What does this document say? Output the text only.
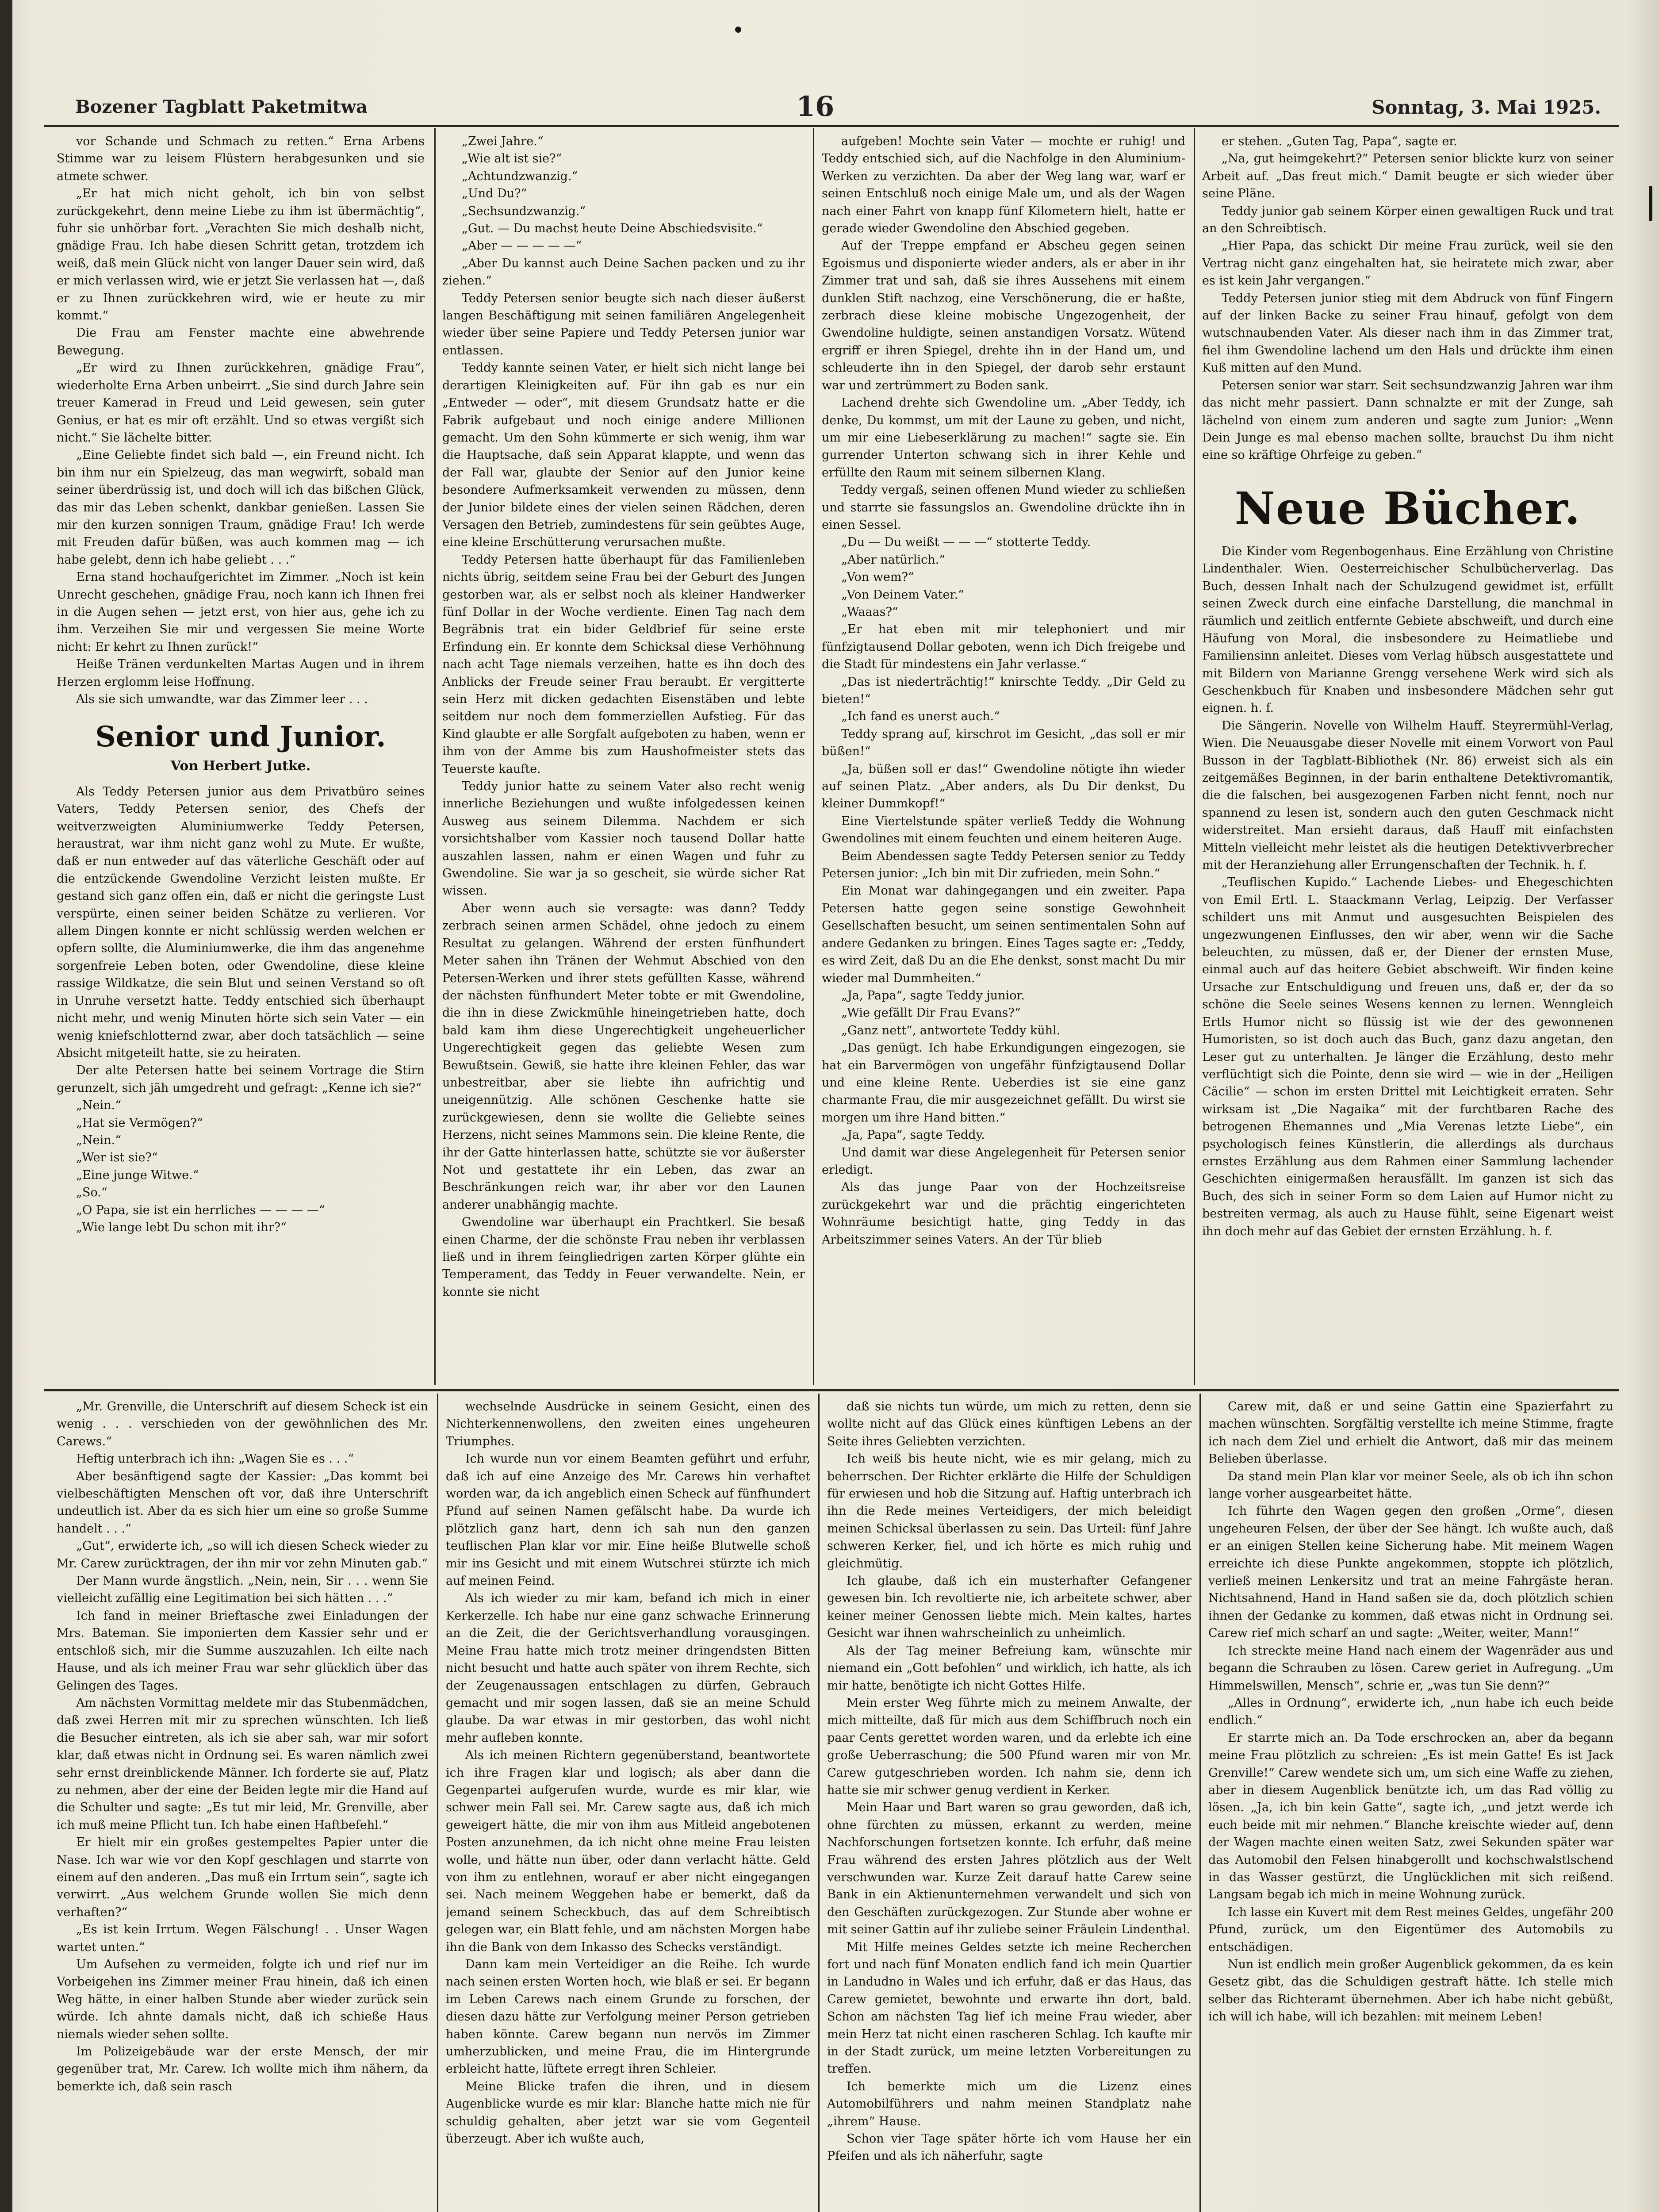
Bozener Tagblatt Paketmitwa	16	Sonntag, 3. Mai 1925.

vor Schande und Schmach zu retten.“ Erna Arbens Stimme war zu leisem Flüstern herabgesunken und sie atmete schwer.

„Er hat mich nicht geholt, ich bin von selbst zurückgekehrt, denn meine Liebe zu ihm ist übermächtig“, fuhr sie unhörbar fort. „Verachten Sie mich deshalb nicht, gnädige Frau. Ich habe diesen Schritt getan, trotzdem ich weiß, daß mein Glück nicht von langer Dauer sein wird, daß er mich verlassen wird, wie er jetzt Sie verlassen hat —, daß er zu Ihnen zurückkehren wird, wie er heute zu mir kommt.“

Die Frau am Fenster machte eine abwehrende Bewegung.

„Er wird zu Ihnen zurückkehren, gnädige Frau“, wiederholte Erna Arben unbeirrt. „Sie sind durch Jahre sein treuer Kamerad in Freud und Leid gewesen, sein guter Genius, er hat es mir oft erzählt. Und so etwas vergißt sich nicht.“ Sie lächelte bitter.

„Eine Geliebte findet sich bald —, ein Freund nicht. Ich bin ihm nur ein Spielzeug, das man wegwirft, sobald man seiner überdrüssig ist, und doch will ich das bißchen Glück, das mir das Leben schenkt, dankbar genießen. Lassen Sie mir den kurzen sonnigen Traum, gnädige Frau! Ich werde mit Freuden dafür büßen, was auch kommen mag — ich habe gelebt, denn ich habe geliebt . . .“

Erna stand hochaufgerichtet im Zimmer. „Noch ist kein Unrecht geschehen, gnädige Frau, noch kann ich Ihnen frei in die Augen sehen — jetzt erst, von hier aus, gehe ich zu ihm. Verzeihen Sie mir und vergessen Sie meine Worte nicht: Er kehrt zu Ihnen zurück!“

Heiße Tränen verdunkelten Martas Augen und in ihrem Herzen erglomm leise Hoffnung.

Als sie sich umwandte, war das Zimmer leer . . .

Senior und Junior.
Von Herbert Jutke.

Als Teddy Petersen junior aus dem Privatbüro seines Vaters, Teddy Petersen senior, des Chefs der weitverzweigten Aluminiumwerke Teddy Petersen, heraustrat, war ihm nicht ganz wohl zu Mute. Er wußte, daß er nun entweder auf das väterliche Geschäft oder auf die entzückende Gwendoline Verzicht leisten mußte. Er gestand sich ganz offen ein, daß er nicht die geringste Lust verspürte, einen seiner beiden Schätze zu verlieren. Vor allem Dingen konnte er nicht schlüssig werden welchen er opfern sollte, die Aluminiumwerke, die ihm das angenehme sorgenfreie Leben boten, oder Gwendoline, diese kleine rassige Wildkatze, die sein Blut und seinen Verstand so oft in Unruhe versetzt hatte. Teddy entschied sich überhaupt nicht mehr, und wenig Minuten hörte sich sein Vater — ein wenig kniefschlotternd zwar, aber doch tatsächlich — seine Absicht mitgeteilt hatte, sie zu heiraten.

Der alte Petersen hatte bei seinem Vortrage die Stirn gerunzelt, sich jäh umgedreht und gefragt: „Kenne ich sie?“

„Nein.“

„Hat sie Vermögen?“

„Nein.“

„Wer ist sie?“

„Eine junge Witwe.“

„So.“

„O Papa, sie ist ein herrliches — — — —“

„Wie lange lebt Du schon mit ihr?“

„Zwei Jahre.“

„Wie alt ist sie?“

„Achtundzwanzig.“

„Und Du?“

„Sechsundzwanzig.“

„Gut. — Du machst heute Deine Abschiedsvisite.“

„Aber — — — — —“

„Aber Du kannst auch Deine Sachen packen und zu ihr ziehen.“

Teddy Petersen senior beugte sich nach dieser äußerst langen Beschäftigung mit seinen familiären Angelegenheit wieder über seine Papiere und Teddy Petersen junior war entlassen.

Teddy kannte seinen Vater, er hielt sich nicht lange bei derartigen Kleinigkeiten auf. Für ihn gab es nur ein „Entweder — oder“, mit diesem Grundsatz hatte er die Fabrik aufgebaut und noch einige andere Millionen gemacht. Um den Sohn kümmerte er sich wenig, ihm war die Hauptsache, daß sein Apparat klappte, und wenn das der Fall war, glaubte der Senior auf den Junior keine besondere Aufmerksamkeit verwenden zu müssen, denn der Junior bildete eines der vielen seinen Rädchen, deren Versagen den Betrieb, zumindestens für sein geübtes Auge, eine kleine Erschütterung verursachen mußte.

Teddy Petersen hatte überhaupt für das Familienleben nichts übrig, seitdem seine Frau bei der Geburt des Jungen gestorben war, als er selbst noch als kleiner Handwerker fünf Dollar in der Woche verdiente. Einen Tag nach dem Begräbnis trat ein bider Geldbrief für seine erste Erfindung ein. Er konnte dem Schicksal diese Verhöhnung nach acht Tage niemals verzeihen, hatte es ihn doch des Anblicks der Freude seiner Frau beraubt. Er vergitterte sein Herz mit dicken gedachten Eisenstäben und lebte seitdem nur noch dem fommerziellen Aufstieg. Für das Kind glaubte er alle Sorgfalt aufgeboten zu haben, wenn er ihm von der Amme bis zum Haushofmeister stets das Teuerste kaufte.

Teddy junior hatte zu seinem Vater also recht wenig innerliche Beziehungen und wußte infolgedessen keinen Ausweg aus seinem Dilemma. Nachdem er sich vorsichtshalber vom Kassier noch tausend Dollar hatte auszahlen lassen, nahm er einen Wagen und fuhr zu Gwendoline. Sie war ja so gescheit, sie würde sicher Rat wissen.

Aber wenn auch sie versagte: was dann? Teddy zerbrach seinen armen Schädel, ohne jedoch zu einem Resultat zu gelangen. Während der ersten fünfhundert Meter sahen ihn Tränen der Wehmut Abschied von den Petersen-Werken und ihrer stets gefüllten Kasse, während der nächsten fünfhundert Meter tobte er mit Gwendoline, die ihn in diese Zwickmühle hineingetrieben hatte, doch bald kam ihm diese Ungerechtigkeit ungeheuerlicher Ungerechtigkeit gegen das geliebte Wesen zum Bewußtsein. Gewiß, sie hatte ihre kleinen Fehler, das war unbestreitbar, aber sie liebte ihn aufrichtig und uneigennützig. Alle schönen Geschenke hatte sie zurückgewiesen, denn sie wollte die Geliebte seines Herzens, nicht seines Mammons sein. Die kleine Rente, die ihr der Gatte hinterlassen hatte, schützte sie vor äußerster Not und gestattete ihr ein Leben, das zwar an Beschränkungen reich war, ihr aber vor den Launen anderer unabhängig machte.

Gwendoline war überhaupt ein Prachtkerl. Sie besaß einen Charme, der die schönste Frau neben ihr verblassen ließ und in ihrem feingliedrigen zarten Körper glühte ein Temperament, das Teddy in Feuer verwandelte. Nein, er konnte sie nicht

aufgeben! Mochte sein Vater — mochte er ruhig! und Teddy entschied sich, auf die Nachfolge in den Aluminium-Werken zu verzichten. Da aber der Weg lang war, warf er seinen Entschluß noch einige Male um, und als der Wagen nach einer Fahrt von knapp fünf Kilometern hielt, hatte er gerade wieder Gwendoline den Abschied gegeben.

Auf der Treppe empfand er Abscheu gegen seinen Egoismus und disponierte wieder anders, als er aber in ihr Zimmer trat und sah, daß sie ihres Aussehens mit einem dunklen Stift nachzog, eine Verschönerung, die er haßte, zerbrach diese kleine mobische Ungezogenheit, der Gwendoline huldigte, seinen anstandigen Vorsatz. Wütend ergriff er ihren Spiegel, drehte ihn in der Hand um, und schleuderte ihn in den Spiegel, der darob sehr erstaunt war und zertrümmert zu Boden sank.

Lachend drehte sich Gwendoline um. „Aber Teddy, ich denke, Du kommst, um mit der Laune zu geben, und nicht, um mir eine Liebeserklärung zu machen!“ sagte sie. Ein gurrender Unterton schwang sich in ihrer Kehle und erfüllte den Raum mit seinem silbernen Klang.

Teddy vergaß, seinen offenen Mund wieder zu schließen und starrte sie fassungslos an. Gwendoline drückte ihn in einen Sessel.

„Du — Du weißt — — —“ stotterte Teddy.

„Aber natürlich.“

„Von wem?“

„Von Deinem Vater.“

„Waaas?“

„Er hat eben mit mir telephoniert und mir fünfzigtausend Dollar geboten, wenn ich Dich freigebe und die Stadt für mindestens ein Jahr verlasse.“

„Das ist niederträchtig!“ knirschte Teddy. „Dir Geld zu bieten!“

„Ich fand es unerst auch.“

Teddy sprang auf, kirschrot im Gesicht, „das soll er mir büßen!“

„Ja, büßen soll er das!“ Gwendoline nötigte ihn wieder auf seinen Platz. „Aber anders, als Du Dir denkst, Du kleiner Dummkopf!“

Eine Viertelstunde später verließ Teddy die Wohnung Gwendolines mit einem feuchten und einem heiteren Auge.

Beim Abendessen sagte Teddy Petersen senior zu Teddy Petersen junior: „Ich bin mit Dir zufrieden, mein Sohn.“

Ein Monat war dahingegangen und ein zweiter. Papa Petersen hatte gegen seine sonstige Gewohnheit Gesellschaften besucht, um seinen sentimentalen Sohn auf andere Gedanken zu bringen. Eines Tages sagte er: „Teddy, es wird Zeit, daß Du an die Ehe denkst, sonst macht Du mir wieder mal Dummheiten.“

„Ja, Papa“, sagte Teddy junior.

„Wie gefällt Dir Frau Evans?“

„Ganz nett“, antwortete Teddy kühl.

„Das genügt. Ich habe Erkundigungen eingezogen, sie hat ein Barvermögen von ungefähr fünfzigtausend Dollar und eine kleine Rente. Ueberdies ist sie eine ganz charmante Frau, die mir ausgezeichnet gefällt. Du wirst sie morgen um ihre Hand bitten.“

„Ja, Papa“, sagte Teddy.

Und damit war diese Angelegenheit für Petersen senior erledigt.

Als das junge Paar von der Hochzeitsreise zurückgekehrt war und die prächtig eingerichteten Wohnräume besichtigt hatte, ging Teddy in das Arbeitszimmer seines Vaters. An der Tür blieb

er stehen. „Guten Tag, Papa“, sagte er.

„Na, gut heimgekehrt?“ Petersen senior blickte kurz von seiner Arbeit auf. „Das freut mich.“ Damit beugte er sich wieder über seine Pläne.

Teddy junior gab seinem Körper einen gewaltigen Ruck und trat an den Schreibtisch.

„Hier Papa, das schickt Dir meine Frau zurück, weil sie den Vertrag nicht ganz eingehalten hat, sie heiratete mich zwar, aber es ist kein Jahr vergangen.“

Teddy Petersen junior stieg mit dem Abdruck von fünf Fingern auf der linken Backe zu seiner Frau hinauf, gefolgt von dem wutschnaubenden Vater. Als dieser nach ihm in das Zimmer trat, fiel ihm Gwendoline lachend um den Hals und drückte ihm einen Kuß mitten auf den Mund.

Petersen senior war starr. Seit sechsundzwanzig Jahren war ihm das nicht mehr passiert. Dann schnalzte er mit der Zunge, sah lächelnd von einem zum anderen und sagte zum Junior: „Wenn Dein Junge es mal ebenso machen sollte, brauchst Du ihm nicht eine so kräftige Ohrfeige zu geben.“

Neue Bücher.

Die Kinder vom Regenbogenhaus. Eine Erzählung von Christine Lindenthaler. Wien. Oesterreichischer Schulbücherverlag. Das Buch, dessen Inhalt nach der Schulzugend gewidmet ist, erfüllt seinen Zweck durch eine einfache Darstellung, die manchmal in räumlich und zeitlich entfernte Gebiete abschweift, und durch eine Häufung von Moral, die insbesondere zu Heimatliebe und Familiensinn anleitet. Dieses vom Verlag hübsch ausgestattete und mit Bildern von Marianne Grengg versehene Werk wird sich als Geschenkbuch für Knaben und insbesondere Mädchen sehr gut eignen. h. f.

Die Sängerin. Novelle von Wilhelm Hauff. Steyrermühl-Verlag, Wien. Die Neuausgabe dieser Novelle mit einem Vorwort von Paul Busson in der Tagblatt-Bibliothek (Nr. 86) erweist sich als ein zeitgemäßes Beginnen, in der barin enthaltene Detektivromantik, die die falschen, bei ausgezogenen Farben nicht fennt, noch nur spannend zu lesen ist, sondern auch den guten Geschmack nicht widerstreitet. Man ersieht daraus, daß Hauff mit einfachsten Mitteln vielleicht mehr leistet als die heutigen Detektivverbrecher mit der Heranziehung aller Errungenschaften der Technik. h. f.

„Teuflischen Kupido.“ Lachende Liebes- und Ehegeschichten von Emil Ertl. L. Staackmann Verlag, Leipzig. Der Verfasser schildert uns mit Anmut und ausgesuchten Beispielen des ungezwungenen Einflusses, den wir aber, wenn wir die Sache beleuchten, zu müssen, daß er, der Diener der ernsten Muse, einmal auch auf das heitere Gebiet abschweift. Wir finden keine Ursache zur Entschuldigung und freuen uns, daß er, der da so schöne die Seele seines Wesens kennen zu lernen. Wenngleich Ertls Humor nicht so flüssig ist wie der des gewonnenen Humoristen, so ist doch auch das Buch, ganz dazu angetan, den Leser gut zu unterhalten. Je länger die Erzählung, desto mehr verflüchtigt sich die Pointe, denn sie wird — wie in der „Heiligen Cäcilie“ — schon im ersten Drittel mit Leichtigkeit erraten. Sehr wirksam ist „Die Nagaika“ mit der furchtbaren Rache des betrogenen Ehemannes und „Mia Verenas letzte Liebe“, ein psychologisch feines Künstlerin, die allerdings als durchaus ernstes Erzählung aus dem Rahmen einer Sammlung lachender Geschichten einigermaßen herausfällt. Im ganzen ist sich das Buch, des sich in seiner Form so dem Laien auf Humor nicht zu bestreiten vermag, als auch zu Hause fühlt, seine Eigenart weist ihn doch mehr auf das Gebiet der ernsten Erzählung. h. f.

„Mr. Grenville, die Unterschrift auf diesem Scheck ist ein wenig . . . verschieden von der gewöhnlichen des Mr. Carews.“

Heftig unterbrach ich ihn: „Wagen Sie es . . .“

Aber besänftigend sagte der Kassier: „Das kommt bei vielbeschäftigten Menschen oft vor, daß ihre Unterschrift undeutlich ist. Aber da es sich hier um eine so große Summe handelt . . .“

„Gut“, erwiderte ich, „so will ich diesen Scheck wieder zu Mr. Carew zurücktragen, der ihn mir vor zehn Minuten gab.“

Der Mann wurde ängstlich. „Nein, nein, Sir . . . wenn Sie vielleicht zufällig eine Legitimation bei sich hätten . . .“

Ich fand in meiner Brieftasche zwei Einladungen der Mrs. Bateman. Sie imponierten dem Kassier sehr und er entschloß sich, mir die Summe auszuzahlen. Ich eilte nach Hause, und als ich meiner Frau war sehr glücklich über das Gelingen des Tages.

Am nächsten Vormittag meldete mir das Stubenmädchen, daß zwei Herren mit mir zu sprechen wünschten. Ich ließ die Besucher eintreten, als ich sie aber sah, war mir sofort klar, daß etwas nicht in Ordnung sei. Es waren nämlich zwei sehr ernst dreinblickende Männer. Ich forderte sie auf, Platz zu nehmen, aber der eine der Beiden legte mir die Hand auf die Schulter und sagte: „Es tut mir leid, Mr. Grenville, aber ich muß meine Pflicht tun. Ich habe einen Haftbefehl.“

Er hielt mir ein großes gestempeltes Papier unter die Nase. Ich war wie vor den Kopf geschlagen und starrte von einem auf den anderen. „Das muß ein Irrtum sein“, sagte ich verwirrt. „Aus welchem Grunde wollen Sie mich denn verhaften?“

„Es ist kein Irrtum. Wegen Fälschung! . . Unser Wagen wartet unten.“

Um Aufsehen zu vermeiden, folgte ich und rief nur im Vorbeigehen ins Zimmer meiner Frau hinein, daß ich einen Weg hätte, in einer halben Stunde aber wieder zurück sein würde. Ich ahnte damals nicht, daß ich schieße Haus niemals wieder sehen sollte.

Im Polizeigebäude war der erste Mensch, der mir gegenüber trat, Mr. Carew. Ich wollte mich ihm nähern, da bemerkte ich, daß sein rasch

wechselnde Ausdrücke in seinem Gesicht, einen des Nichterkennenwollens, den zweiten eines ungeheuren Triumphes.

Ich wurde nun vor einem Beamten geführt und erfuhr, daß ich auf eine Anzeige des Mr. Carews hin verhaftet worden war, da ich angeblich einen Scheck auf fünfhundert Pfund auf seinen Namen gefälscht habe. Da wurde ich plötzlich ganz hart, denn ich sah nun den ganzen teuflischen Plan klar vor mir. Eine heiße Blutwelle schoß mir ins Gesicht und mit einem Wutschrei stürzte ich mich auf meinen Feind.

Als ich wieder zu mir kam, befand ich mich in einer Kerkerzelle. Ich habe nur eine ganz schwache Erinnerung an die Zeit, die der Gerichtsverhandlung vorausgingen. Meine Frau hatte mich trotz meiner dringendsten Bitten nicht besucht und hatte auch später von ihrem Rechte, sich der Zeugenaussagen entschlagen zu dürfen, Gebrauch gemacht und mir sogen lassen, daß sie an meine Schuld glaube. Da war etwas in mir gestorben, das wohl nicht mehr aufleben konnte.

Als ich meinen Richtern gegenüberstand, beantwortete ich ihre Fragen klar und logisch; als aber dann die Gegenpartei aufgerufen wurde, wurde es mir klar, wie schwer mein Fall sei. Mr. Carew sagte aus, daß ich mich geweigert hätte, die mir von ihm aus Mitleid angebotenen Posten anzunehmen, da ich nicht ohne meine Frau leisten wolle, und hätte nun über, oder dann verlacht hätte. Geld von ihm zu entlehnen, worauf er aber nicht eingegangen sei. Nach meinem Weggehen habe er bemerkt, daß da jemand seinem Scheckbuch, das auf dem Schreibtisch gelegen war, ein Blatt fehle, und am nächsten Morgen habe ihn die Bank von dem Inkasso des Schecks verständigt.

Dann kam mein Verteidiger an die Reihe. Ich wurde nach seinen ersten Worten hoch, wie blaß er sei. Er begann im Leben Carews nach einem Grunde zu forschen, der diesen dazu hätte zur Verfolgung meiner Person getrieben haben könnte. Carew begann nun nervös im Zimmer umherzublicken, und meine Frau, die im Hintergrunde erbleicht hatte, lüftete erregt ihren Schleier.

Meine Blicke trafen die ihren, und in diesem Augenblicke wurde es mir klar: Blanche hatte mich nie für schuldig gehalten, aber jetzt war sie vom Gegenteil überzeugt. Aber ich wußte auch,

daß sie nichts tun würde, um mich zu retten, denn sie wollte nicht auf das Glück eines künftigen Lebens an der Seite ihres Geliebten verzichten.

Ich weiß bis heute nicht, wie es mir gelang, mich zu beherrschen. Der Richter erklärte die Hilfe der Schuldigen für erwiesen und hob die Sitzung auf. Haftig unterbrach ich ihn die Rede meines Verteidigers, der mich beleidigt meinen Schicksal überlassen zu sein. Das Urteil: fünf Jahre schweren Kerker, fiel, und ich hörte es mich ruhig und gleichmütig.

Ich glaube, daß ich ein musterhafter Gefangener gewesen bin. Ich revoltierte nie, ich arbeitete schwer, aber keiner meiner Genossen liebte mich. Mein kaltes, hartes Gesicht war ihnen wahrscheinlich zu unheimlich.

Als der Tag meiner Befreiung kam, wünschte mir niemand ein „Gott befohlen“ und wirklich, ich hatte, als ich mir hatte, benötigte ich nicht Gottes Hilfe.

Mein erster Weg führte mich zu meinem Anwalte, der mich mitteilte, daß für mich aus dem Schiffbruch noch ein paar Cents gerettet worden waren, und da erlebte ich eine große Ueberraschung; die 500 Pfund waren mir von Mr. Carew gutgeschrieben worden. Ich nahm sie, denn ich hatte sie mir schwer genug verdient in Kerker.

Mein Haar und Bart waren so grau geworden, daß ich, ohne fürchten zu müssen, erkannt zu werden, meine Nachforschungen fortsetzen konnte. Ich erfuhr, daß meine Frau während des ersten Jahres plötzlich aus der Welt verschwunden war. Kurze Zeit darauf hatte Carew seine Bank in ein Aktienunternehmen verwandelt und sich von den Geschäften zurückgezogen. Zur Stunde aber wohne er mit seiner Gattin auf ihr zuliebe seiner Fräulein Lindenthal.

Mit Hilfe meines Geldes setzte ich meine Recherchen fort und nach fünf Monaten endlich fand ich mein Quartier in Landudno in Wales und ich erfuhr, daß er das Haus, das Carew gemietet, bewohnte und erwarte ihn dort, bald. Schon am nächsten Tag lief ich meine Frau wieder, aber mein Herz tat nicht einen rascheren Schlag. Ich kaufte mir in der Stadt zurück, um meine letzten Vorbereitungen zu treffen.

Ich bemerkte mich um die Lizenz eines Automobilführers und nahm meinen Standplatz nahe „ihrem“ Hause.

Schon vier Tage später hörte ich vom Hause her ein Pfeifen und als ich näherfuhr, sagte

Carew mit, daß er und seine Gattin eine Spazierfahrt zu machen wünschten. Sorgfältig verstellte ich meine Stimme, fragte ich nach dem Ziel und erhielt die Antwort, daß mir das meinem Belieben überlasse.

Da stand mein Plan klar vor meiner Seele, als ob ich ihn schon lange vorher ausgearbeitet hätte.

Ich führte den Wagen gegen den großen „Orme“, diesen ungeheuren Felsen, der über der See hängt. Ich wußte auch, daß er an einigen Stellen keine Sicherung habe. Mit meinem Wagen erreichte ich diese Punkte angekommen, stoppte ich plötzlich, verließ meinen Lenkersitz und trat an meine Fahrgäste heran. Nichtsahnend, Hand in Hand saßen sie da, doch plötzlich schien ihnen der Gedanke zu kommen, daß etwas nicht in Ordnung sei. Carew rief mich scharf an und sagte: „Weiter, weiter, Mann!“

Ich streckte meine Hand nach einem der Wagenräder aus und begann die Schrauben zu lösen. Carew geriet in Aufregung. „Um Himmelswillen, Mensch“, schrie er, „was tun Sie denn?“

„Alles in Ordnung“, erwiderte ich, „nun habe ich euch beide endlich.“

Er starrte mich an. Da Tode erschrocken an, aber da begann meine Frau plötzlich zu schreien: „Es ist mein Gatte! Es ist Jack Grenville!“ Carew wendete sich um, um sich eine Waffe zu ziehen, aber in diesem Augenblick benützte ich, um das Rad völlig zu lösen. „Ja, ich bin kein Gatte“, sagte ich, „und jetzt werde ich euch beide mit mir nehmen.“ Blanche kreischte wieder auf, denn der Wagen machte einen weiten Satz, zwei Sekunden später war das Automobil den Felsen hinabgerollt und kochschwalstlschend in das Wasser gestürzt, die Unglücklichen mit sich reißend. Langsam begab ich mich in meine Wohnung zurück.

Ich lasse ein Kuvert mit dem Rest meines Geldes, ungefähr 200 Pfund, zurück, um den Eigentümer des Automobils zu entschädigen.

Nun ist endlich mein großer Augenblick gekommen, da es kein Gesetz gibt, das die Schuldigen gestraft hätte. Ich stelle mich selber das Richteramt übernehmen. Aber ich habe nicht gebüßt, ich will ich habe, will ich bezahlen: mit meinem Leben!
